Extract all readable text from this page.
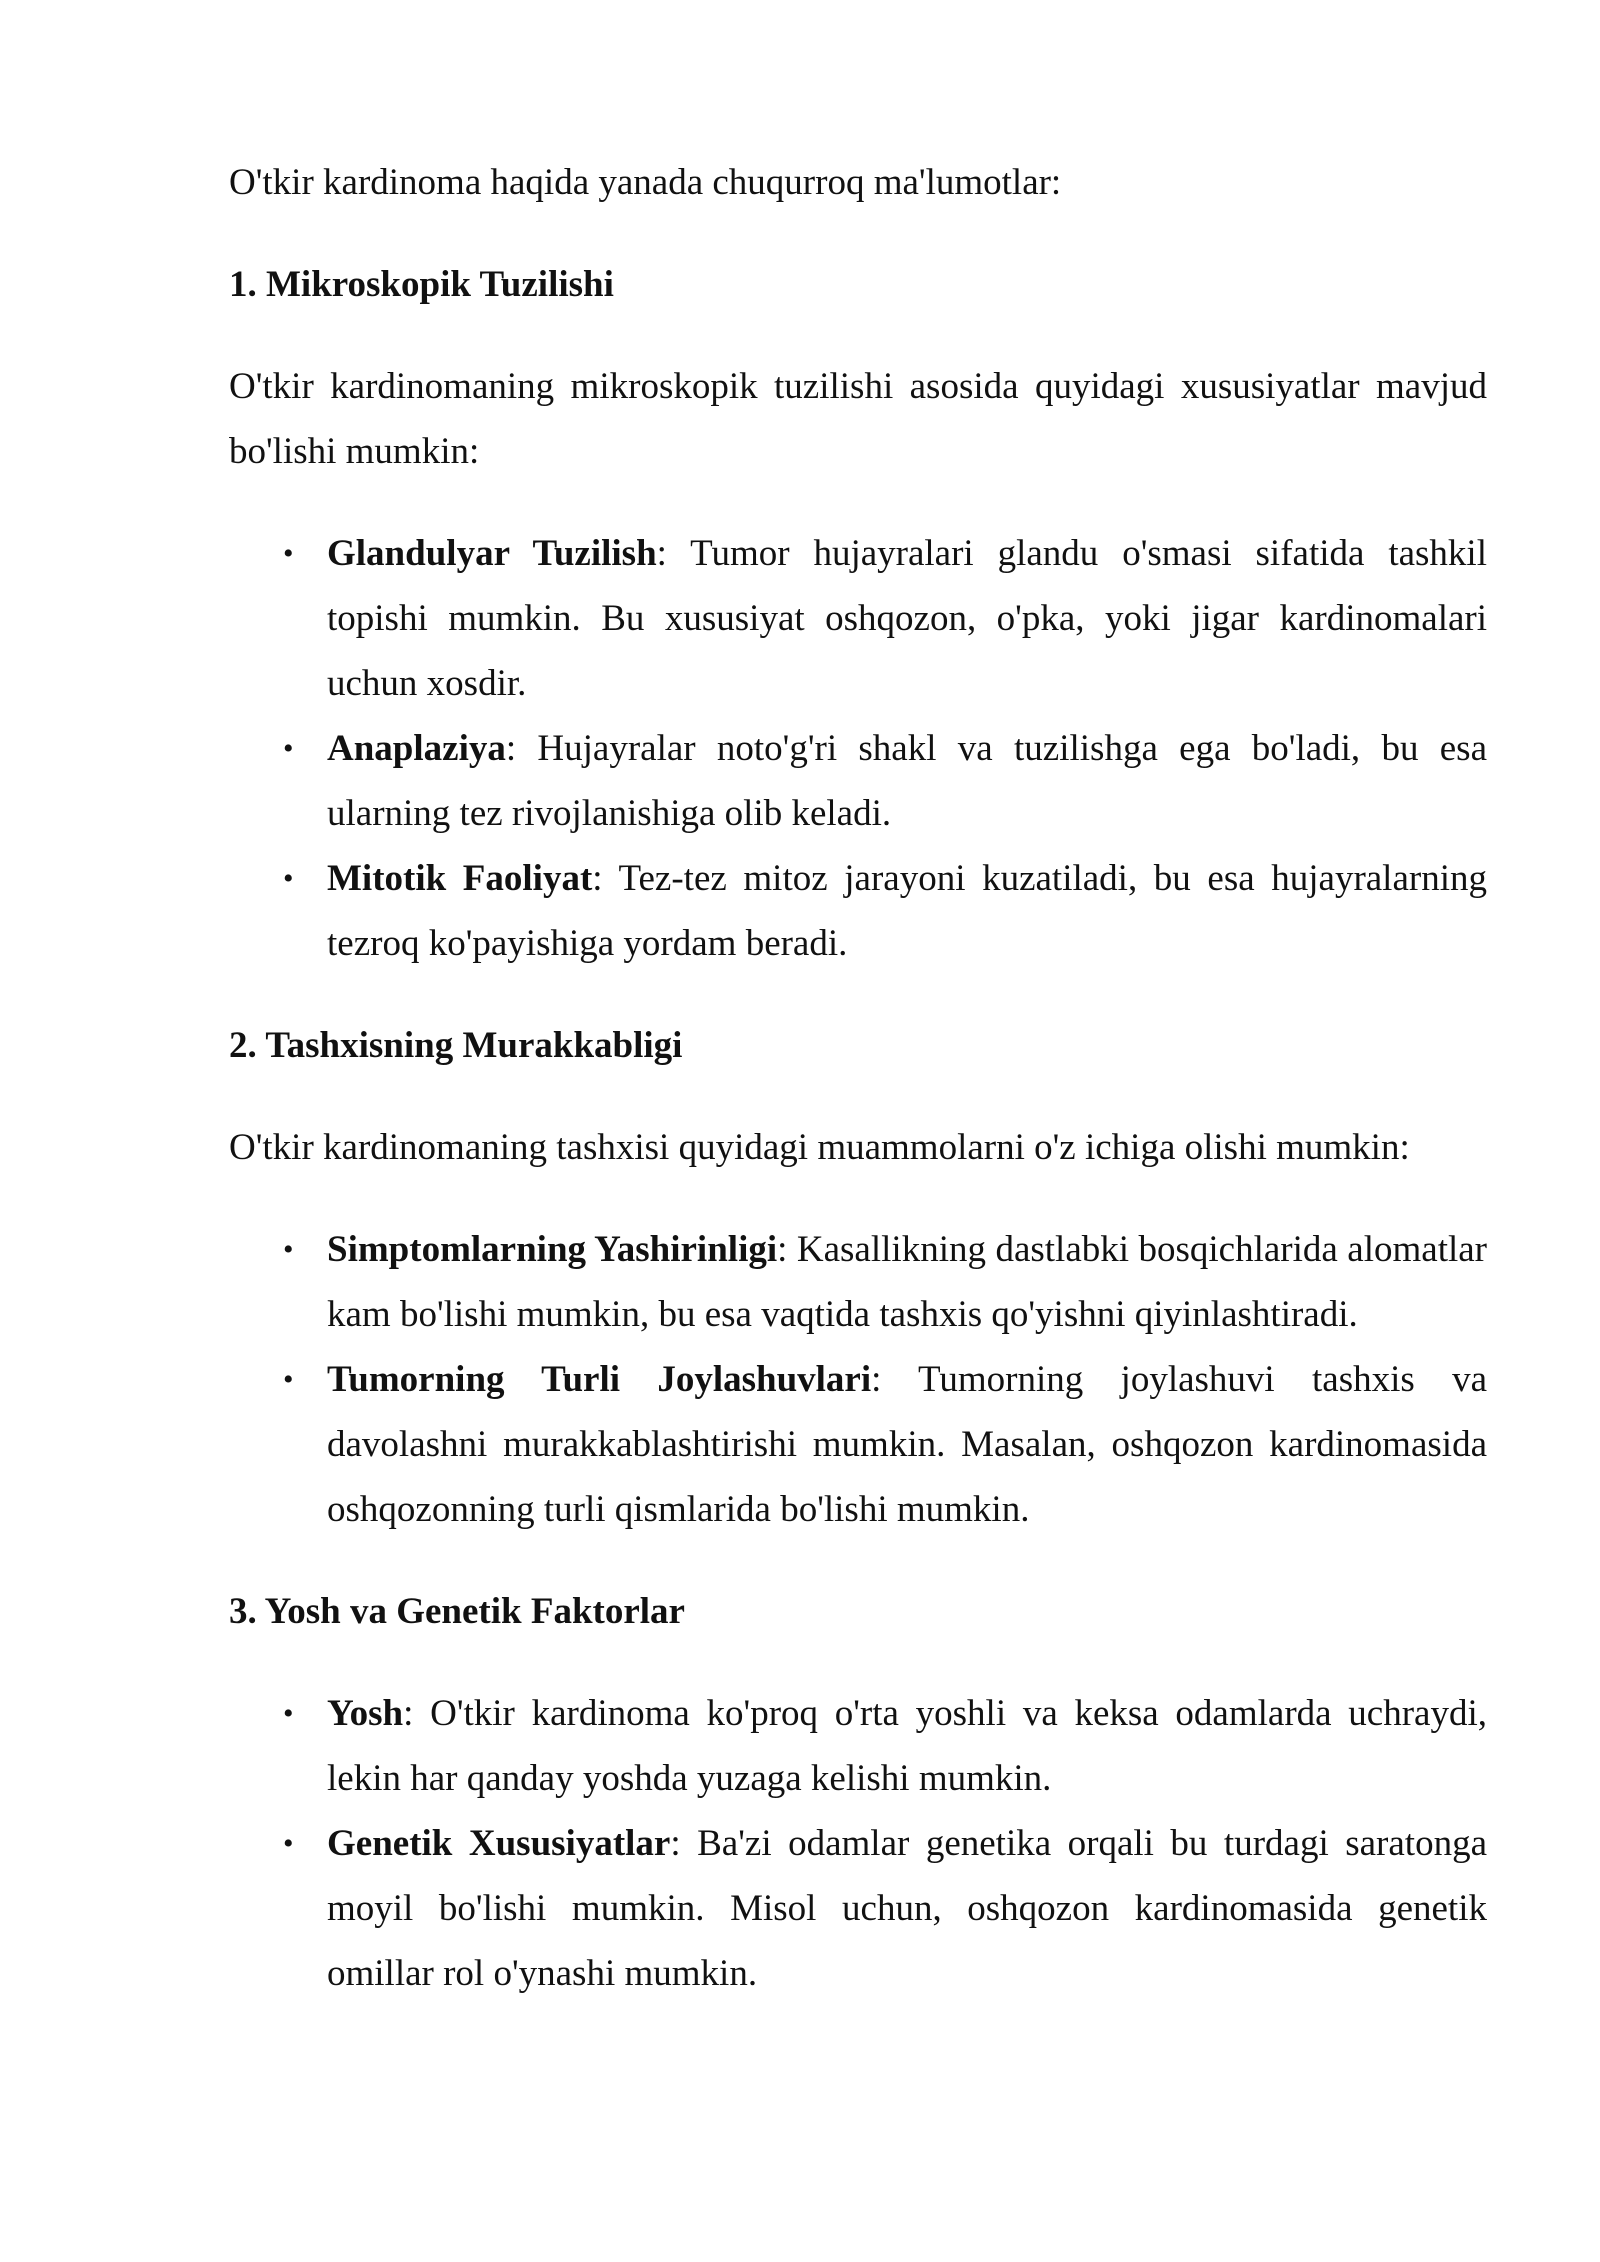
O'tkir kardinoma haqida yanada chuqurroq ma'lumotlar:

1. Mikroskopik Tuzilishi

O'tkir kardinomaning mikroskopik tuzilishi asosida quyidagi xususiyatlar mavjud bo'lishi mumkin:

• Glandulyar Tuzilish: Tumor hujayralari glandu o'smasi sifatida tashkil topishi mumkin. Bu xususiyat oshqozon, o'pka, yoki jigar kardinomalari uchun xosdir.
• Anaplaziya: Hujayralar noto'g'ri shakl va tuzilishga ega bo'ladi, bu esa ularning tez rivojlanishiga olib keladi.
• Mitotik Faoliyat: Tez-tez mitoz jarayoni kuzatiladi, bu esa hujayralarning tezroq ko'payishiga yordam beradi.
2. Tashxisning Murakkabligi

O'tkir kardinomaning tashxisi quyidagi muammolarni o'z ichiga olishi mumkin:

• Simptomlarning Yashirinligi: Kasallikning dastlabki bosqichlarida alomatlar kam bo'lishi mumkin, bu esa vaqtida tashxis qo'yishni qiyinlashtiradi.
• Tumorning Turli Joylashuvlari: Tumorning joylashuvi tashxis va davolashni murakkablashtirishi mumkin. Masalan, oshqozon kardinomasida oshqozonning turli qismlarida bo'lishi mumkin.
3. Yosh va Genetik Faktorlar
• Yosh: O'tkir kardinoma ko'proq o'rta yoshli va keksa odamlarda uchraydi, lekin har qanday yoshda yuzaga kelishi mumkin.
• Genetik Xususiyatlar: Ba'zi odamlar genetika orqali bu turdagi saratonga moyil bo'lishi mumkin. Misol uchun, oshqozon kardinomasida genetik omillar rol o'ynashi mumkin.
